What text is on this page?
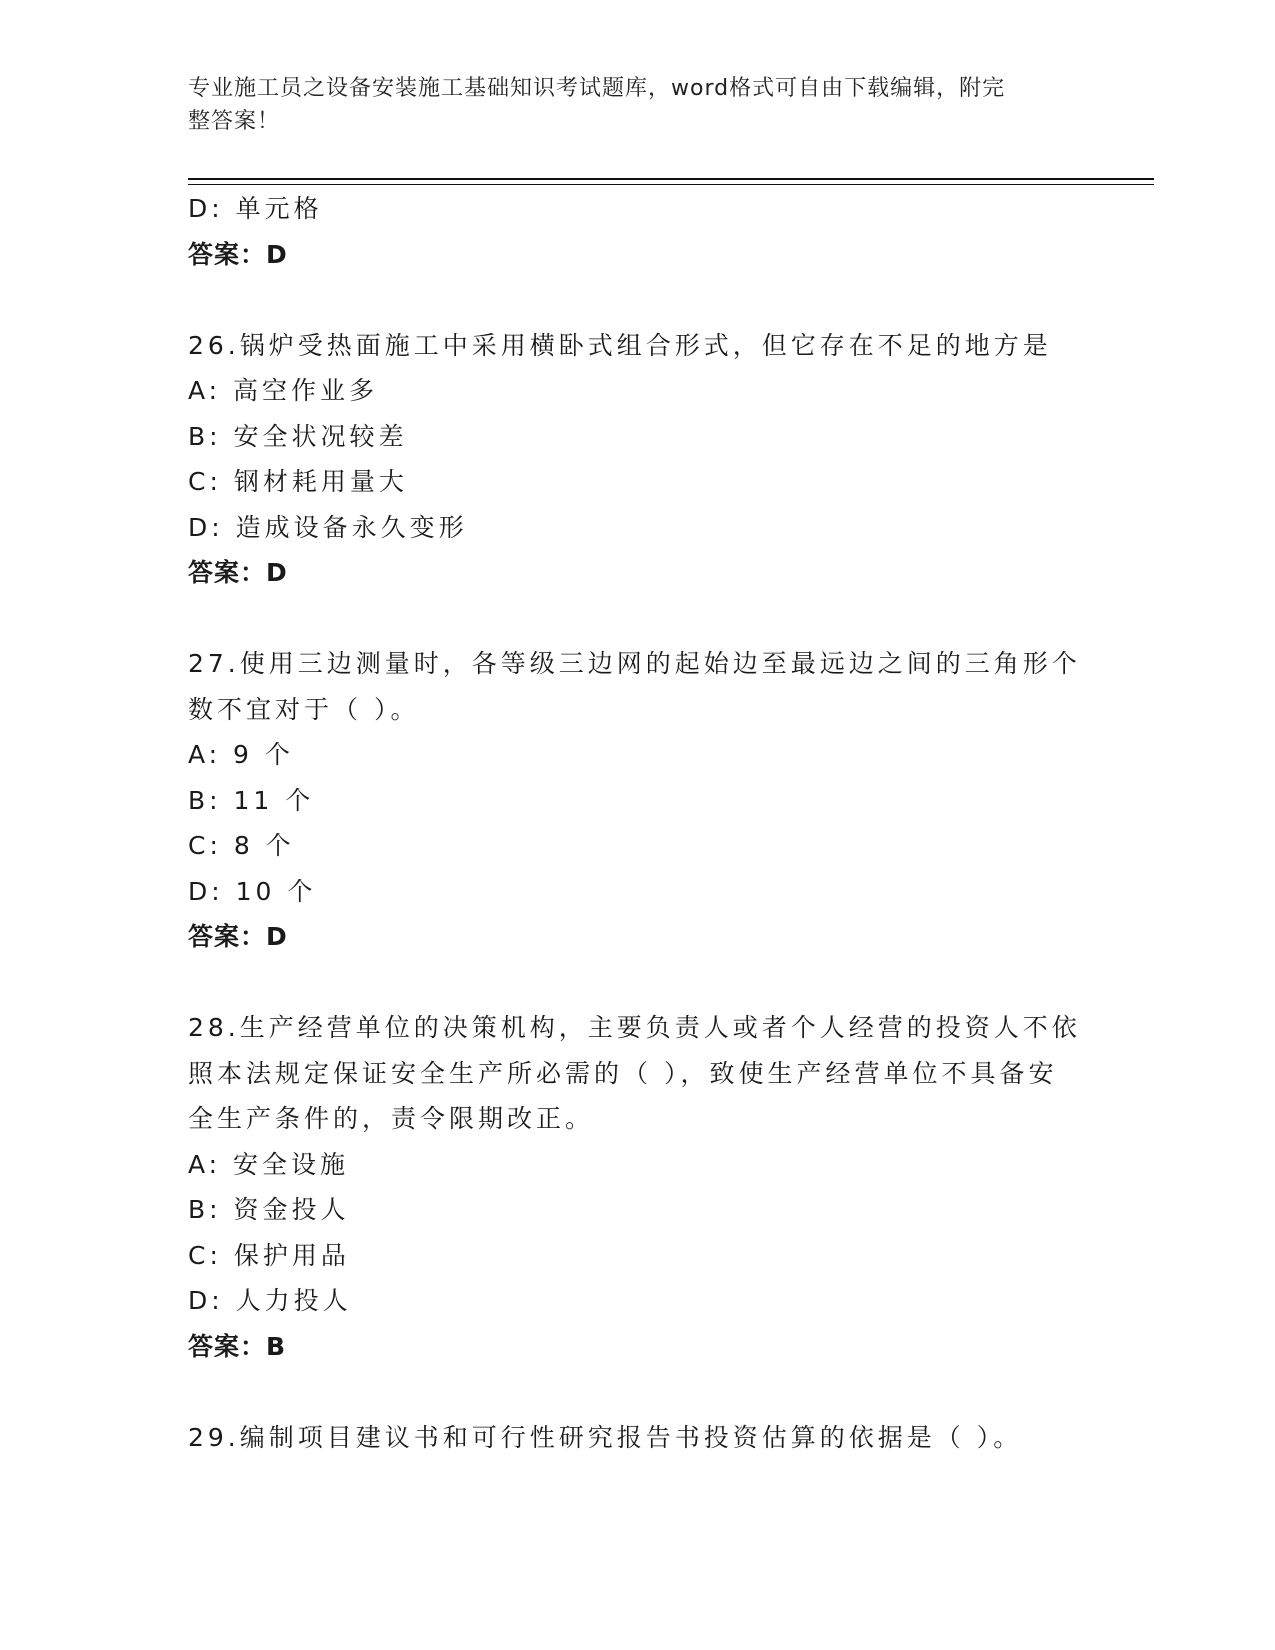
专业施工员之设备安装施工基础知识考试题库，word格式可自由下载编辑，附完
整答案！
D: 单元格
答案：D
26.锅炉受热面施工中采用横卧式组合形式，但它存在不足的地方是
A: 高空作业多
B: 安全状况较差
C: 钢材耗用量大
D: 造成设备永久变形
答案：D
27.使用三边测量时，各等级三边网的起始边至最远边之间的三角形个
数不宜对于（ ）。
A: 9 个
B: 11 个
C: 8 个
D: 10 个
答案：D
28.生产经营单位的决策机构，主要负责人或者个人经营的投资人不依
照本法规定保证安全生产所必需的（ ），致使生产经营单位不具备安
全生产条件的，责令限期改正。
A: 安全设施
B: 资金投人
C: 保护用品
D: 人力投人
答案：B
29.编制项目建议书和可行性研究报告书投资估算的依据是（ ）。
